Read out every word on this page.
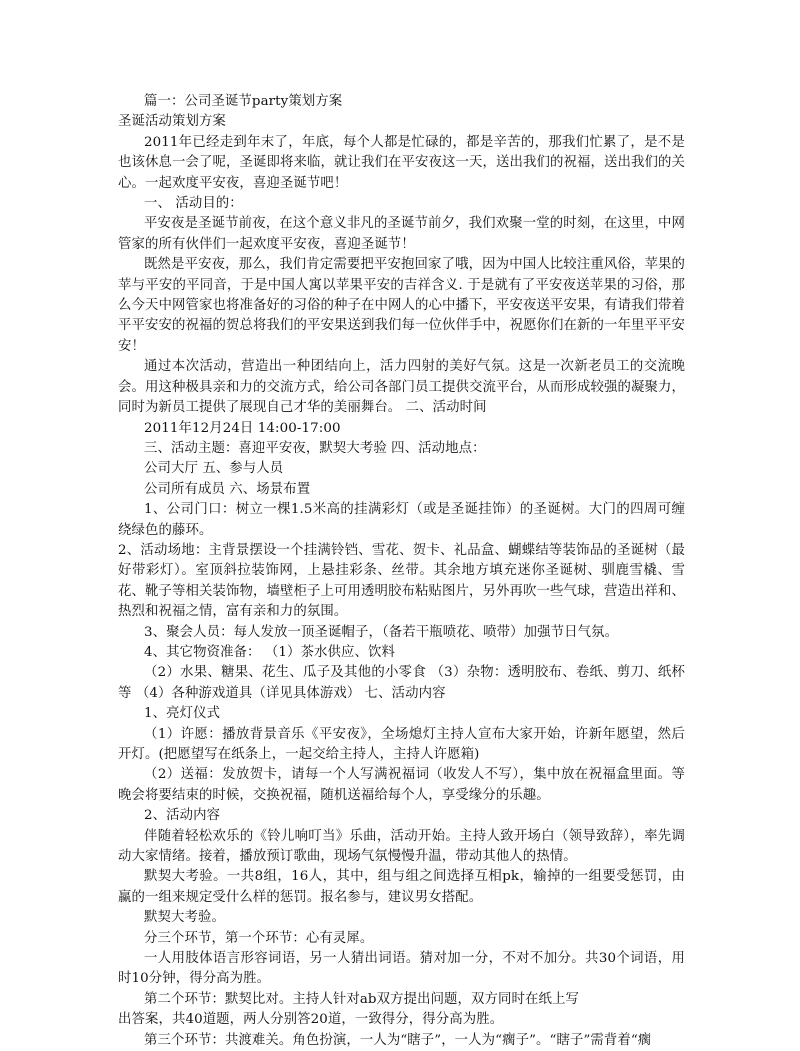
篇一：公司圣诞节party策划方案

圣诞活动策划方案

2011年已经走到年末了，年底，每个人都是忙碌的，都是辛苦的，那我们忙累了，是不是也该休息一会了呢，圣诞即将来临，就让我们在平安夜这一天，送出我们的祝福，送出我们的关心。一起欢度平安夜，喜迎圣诞节吧！

一、 活动目的：

平安夜是圣诞节前夜，在这个意义非凡的圣诞节前夕，我们欢聚一堂的时刻，在这里，中网管家的所有伙伴们一起欢度平安夜，喜迎圣诞节！

既然是平安夜，那么，我们肯定需要把平安抱回家了哦，因为中国人比较注重风俗，苹果的苹与平安的平同音，于是中国人寓以苹果平安的吉祥含义. 于是就有了平安夜送苹果的习俗，那么今天中网管家也将准备好的习俗的种子在中网人的心中播下，平安夜送平安果，有请我们带着平平安安的祝福的贺总将我们的平安果送到我们每一位伙伴手中，祝愿你们在新的一年里平平安安！

通过本次活动，营造出一种团结向上，活力四射的美好气氛。这是一次新老员工的交流晚会。用这种极具亲和力的交流方式，给公司各部门员工提供交流平台，从而形成较强的凝聚力，同时为新员工提供了展现自己才华的美丽舞台。 二、活动时间

2011年12月24日 14:00-17:00

三、活动主题：喜迎平安夜，默契大考验 四、活动地点：

公司大厅 五、参与人员

公司所有成员 六、场景布置

1、公司门口：树立一棵1.5米高的挂满彩灯（或是圣诞挂饰）的圣诞树。大门的四周可缠绕绿色的藤环。

2、活动场地：主背景摆设一个挂满铃铛、雪花、贺卡、礼品盒、蝴蝶结等装饰品的圣诞树（最好带彩灯）。室顶斜拉装饰网，上悬挂彩条、丝带。其余地方填充迷你圣诞树、驯鹿雪橇、雪花、靴子等相关装饰物，墙壁柜子上可用透明胶布粘贴图片，另外再吹一些气球，营造出祥和、热烈和祝福之情，富有亲和力的氛围。

3、聚会人员：每人发放一顶圣诞帽子，（备若干瓶喷花、喷带）加强节日气氛。

4、其它物资准备： （1）茶水供应、饮料

（2）水果、糖果、花生、瓜子及其他的小零食 （3）杂物：透明胶布、卷纸、剪刀、纸杯等 （4）各种游戏道具（详见具体游戏） 七、活动内容

1、亮灯仪式

（1）许愿：播放背景音乐《平安夜》，全场熄灯主持人宣布大家开始，许新年愿望，然后开灯。(把愿望写在纸条上，一起交给主持人，主持人许愿箱)

（2）送福：发放贺卡，请每一个人写满祝福词（收发人不写），集中放在祝福盒里面。等晚会将要结束的时候，交换祝福，随机送福给每个人，享受缘分的乐趣。

2、活动内容

伴随着轻松欢乐的《铃儿响叮当》乐曲，活动开始。主持人致开场白（领导致辞），率先调动大家情绪。接着，播放预订歌曲，现场气氛慢慢升温，带动其他人的热情。

默契大考验。一共8组，16人，其中，组与组之间选择互相pk，输掉的一组要受惩罚，由赢的一组来规定受什么样的惩罚。报名参与，建议男女搭配。

默契大考验。

分三个环节，第一个环节：心有灵犀。

一人用肢体语言形容词语，另一人猜出词语。猜对加一分，不对不加分。共30个词语，用时10分钟，得分高为胜。

第二个环节：默契比对。主持人针对ab双方提出问题，双方同时在纸上写

出答案，共40道题，两人分别答20道，一致得分，得分高为胜。

第三个环节：共渡难关。角色扮演，一人为“瞎子”，一人为“瘸子”。“瞎子”需背着“瘸
